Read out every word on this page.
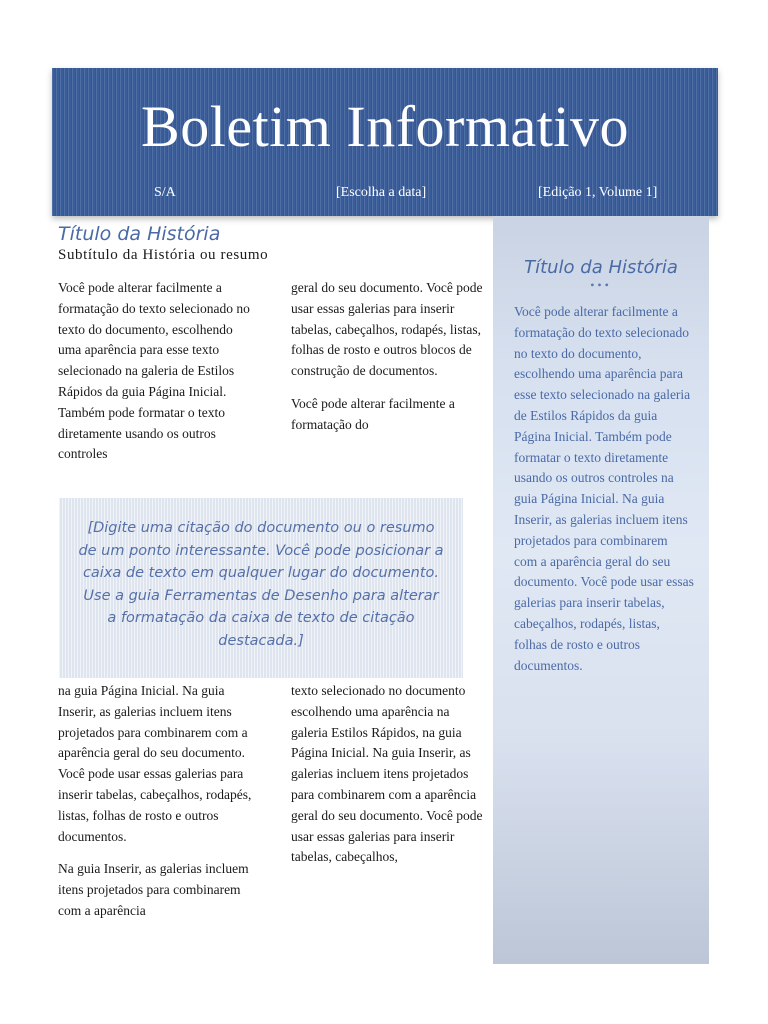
Boletim Informativo
S/A	[Escolha a data]	[Edição 1, Volume 1]
Título da História
Subtítulo da História ou resumo

Você pode alterar facilmente a formatação do texto selecionado no texto do documento, escolhendo uma aparência para esse texto selecionado na galeria de Estilos Rápidos da guia Página Inicial. Também pode formatar o texto diretamente usando os outros controles

geral do seu documento. Você pode usar essas galerias para inserir tabelas, cabeçalhos, rodapés, listas, folhas de rosto e outros blocos de construção de documentos.

Você pode alterar facilmente a formatação do

[Digite uma citação do documento ou o resumo de um ponto interessante. Você pode posicionar a caixa de texto em qualquer lugar do documento. Use a guia Ferramentas de Desenho para alterar a formatação da caixa de texto de citação destacada.]

na guia Página Inicial. Na guia Inserir, as galerias incluem itens projetados para combinarem com a aparência geral do seu documento. Você pode usar essas galerias para inserir tabelas, cabeçalhos, rodapés, listas, folhas de rosto e outros documentos.

Na guia Inserir, as galerias incluem itens projetados para combinarem com a aparência

texto selecionado no documento escolhendo uma aparência na galeria Estilos Rápidos, na guia Página Inicial. Na guia Inserir, as galerias incluem itens projetados para combinarem com a aparência geral do seu documento. Você pode usar essas galerias para inserir tabelas, cabeçalhos,

Título da História
•••
Você pode alterar facilmente a formatação do texto selecionado no texto do documento, escolhendo uma aparência para esse texto selecionado na galeria de Estilos Rápidos da guia Página Inicial. Também pode formatar o texto diretamente usando os outros controles na guia Página Inicial. Na guia Inserir, as galerias incluem itens projetados para combinarem com a aparência geral do seu documento. Você pode usar essas galerias para inserir tabelas, cabeçalhos, rodapés, listas, folhas de rosto e outros documentos.
